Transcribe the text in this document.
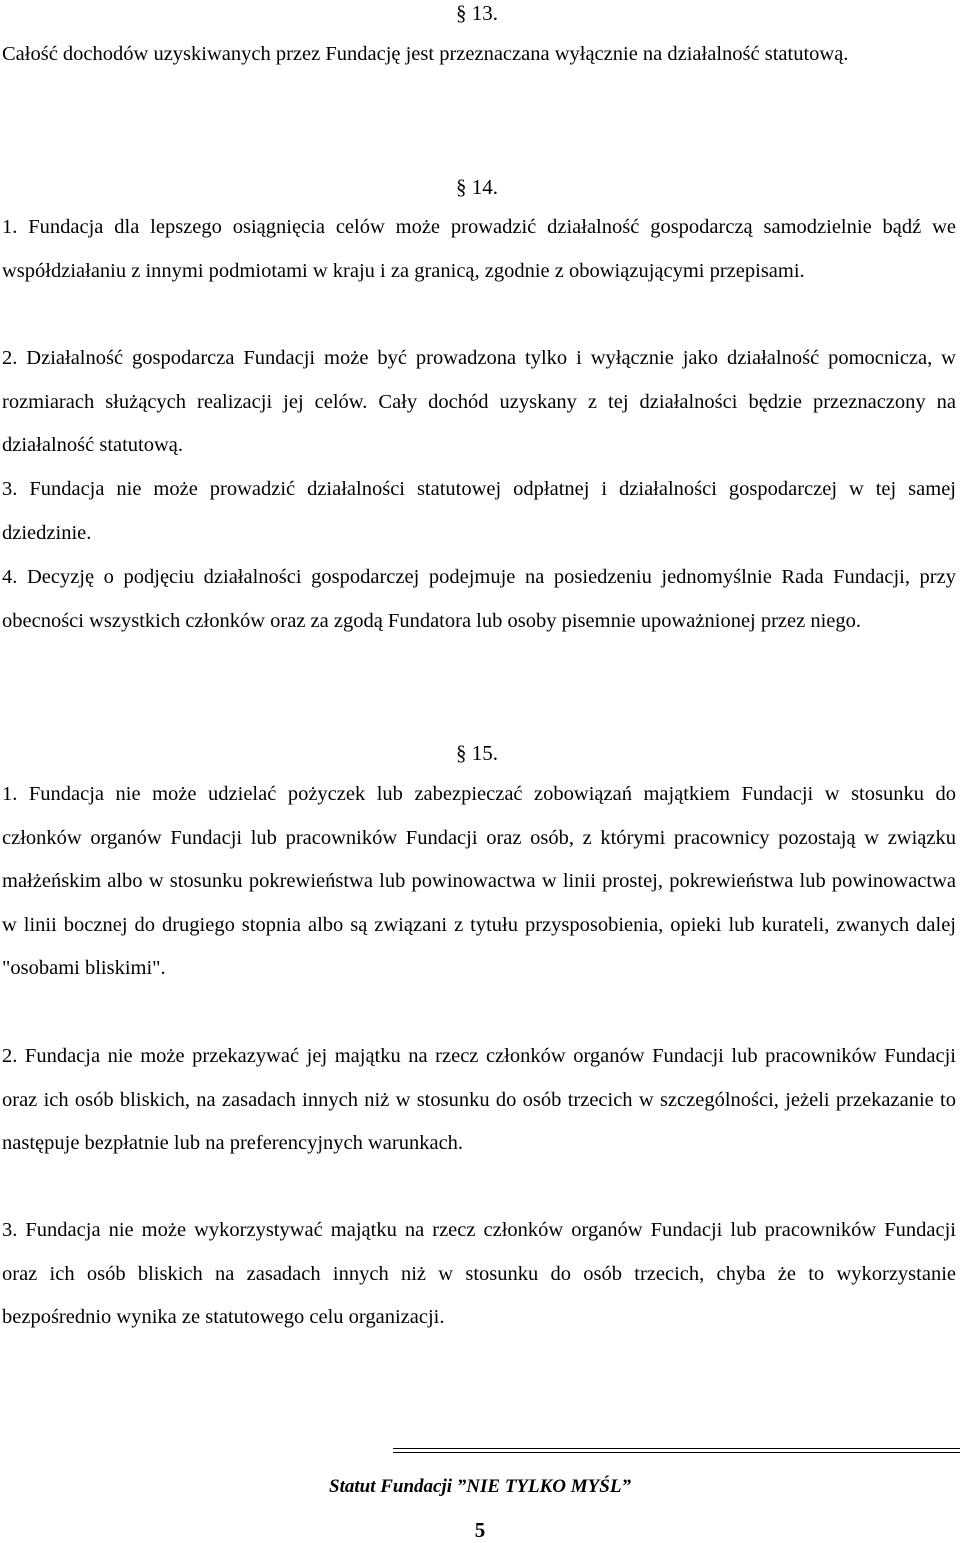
§ 13.

Całość dochodów uzyskiwanych przez Fundację jest przeznaczana wyłącznie na działalność statutową.

§ 14.

1. Fundacja dla lepszego osiągnięcia celów może prowadzić działalność gospodarczą samodzielnie bądź we współdziałaniu z innymi podmiotami w kraju i za granicą, zgodnie z obowiązującymi przepisami.

2. Działalność gospodarcza Fundacji może być prowadzona tylko i wyłącznie jako działalność pomocnicza, w rozmiarach służących realizacji jej celów. Cały dochód uzyskany z tej działalności będzie przeznaczony na działalność statutową.

3. Fundacja nie może prowadzić działalności statutowej odpłatnej i działalności gospodarczej w tej samej dziedzinie.

4. Decyzję o podjęciu działalności gospodarczej podejmuje na posiedzeniu jednomyślnie Rada Fundacji, przy obecności wszystkich członków oraz za zgodą Fundatora lub osoby pisemnie upoważnionej przez niego.

§ 15.

1. Fundacja nie może udzielać pożyczek lub zabezpieczać zobowiązań majątkiem Fundacji w stosunku do członków organów Fundacji lub pracowników Fundacji oraz osób, z którymi pracownicy pozostają w związku małżeńskim albo w stosunku pokrewieństwa lub powinowactwa w linii prostej, pokrewieństwa lub powinowactwa w linii bocznej do drugiego stopnia albo są związani z tytułu przysposobienia, opieki lub kurateli, zwanych dalej "osobami bliskimi".

2. Fundacja nie może przekazywać jej majątku na rzecz członków organów Fundacji lub pracowników Fundacji oraz ich osób bliskich, na zasadach innych niż w stosunku do osób trzecich w szczególności, jeżeli przekazanie to następuje bezpłatnie lub na preferencyjnych warunkach.

3. Fundacja nie może wykorzystywać majątku na rzecz członków organów Fundacji lub pracowników Fundacji oraz ich osób bliskich na zasadach innych niż w stosunku do osób trzecich, chyba że to wykorzystanie bezpośrednio wynika ze statutowego celu organizacji.

Statut Fundacji ”NIE TYLKO MYŚL”
5
